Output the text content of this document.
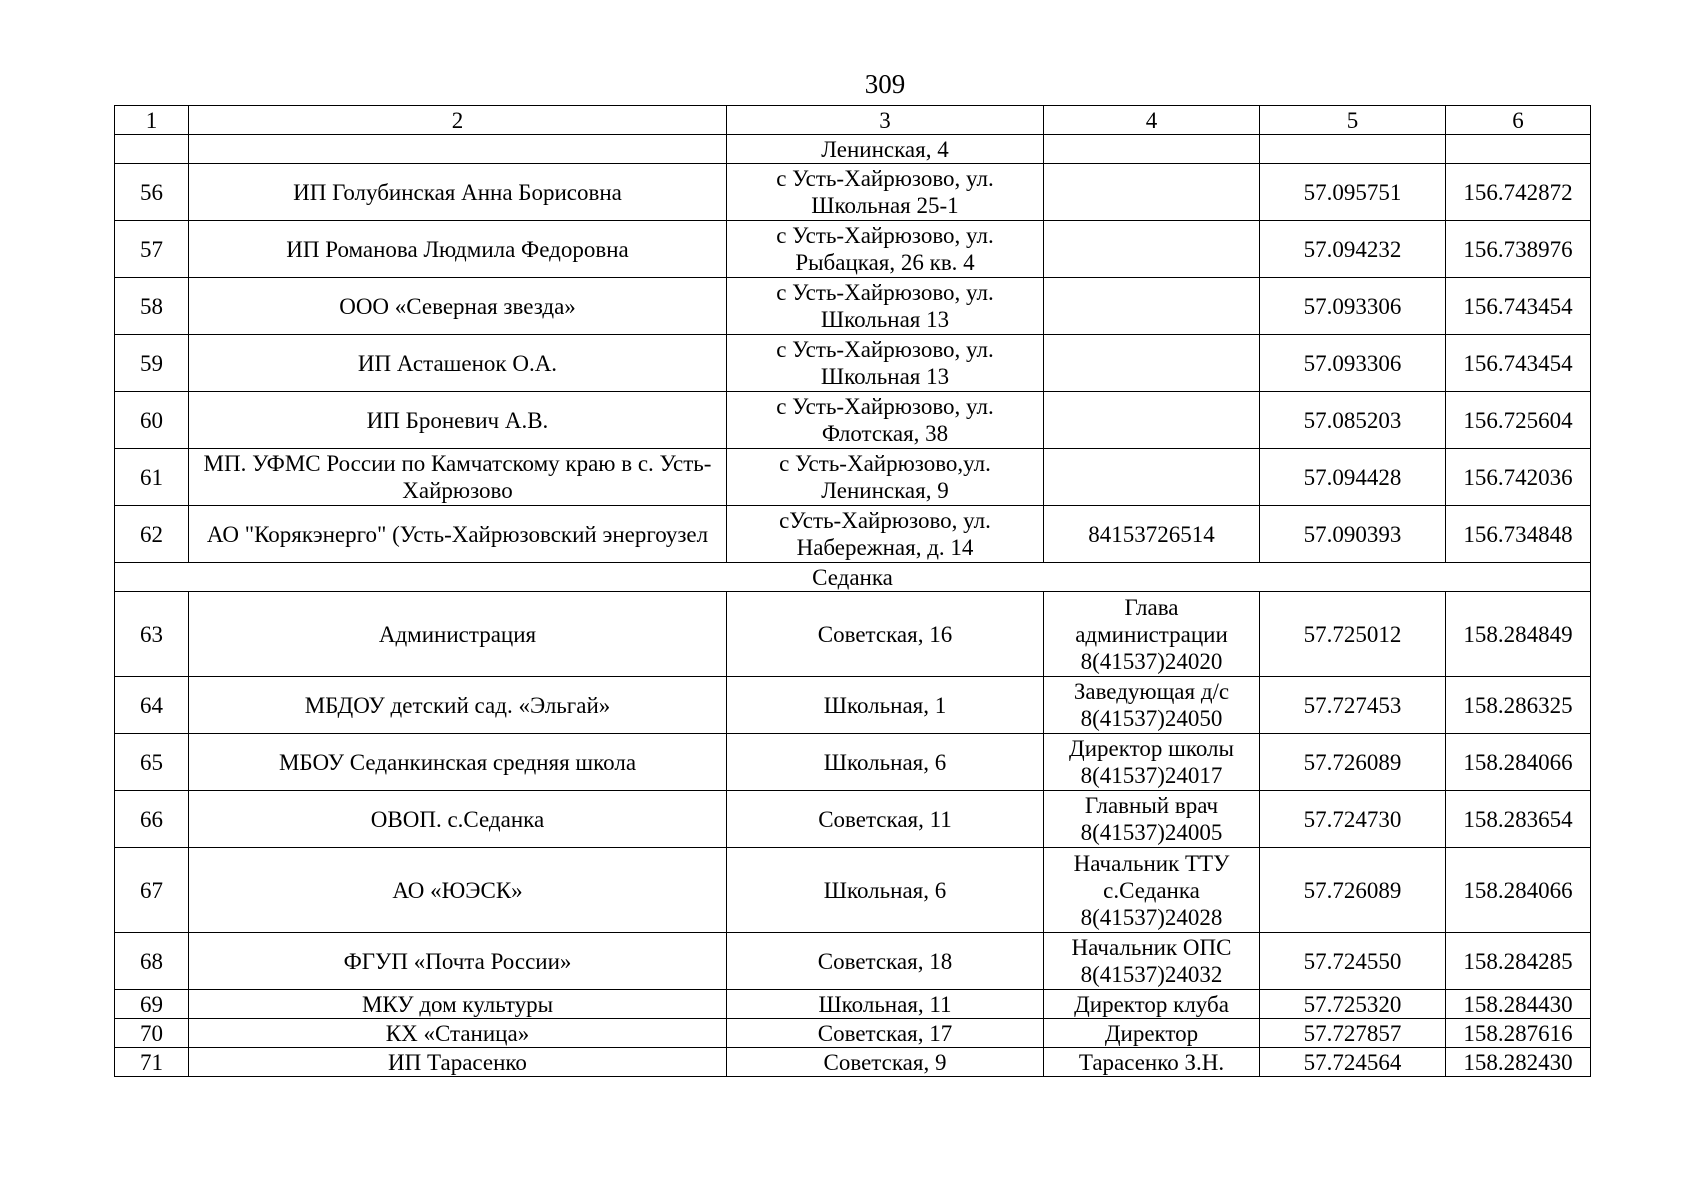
309
1	2	3	4	5	6
		Ленинская, 4			
56	ИП Голубинская Анна Борисовна	с Усть-Хайрюзово, ул. Школьная 25-1		57.095751	156.742872
57	ИП Романова Людмила Федоровна	с Усть-Хайрюзово, ул. Рыбацкая, 26 кв. 4		57.094232	156.738976
58	ООО «Северная звезда»	с Усть-Хайрюзово, ул. Школьная 13		57.093306	156.743454
59	ИП Асташенок О.А.	с Усть-Хайрюзово, ул. Школьная 13		57.093306	156.743454
60	ИП Броневич А.В.	с Усть-Хайрюзово, ул. Флотская, 38		57.085203	156.725604
61	МП. УФМС России по Камчатскому краю в с. Усть-Хайрюзово	с Усть-Хайрюзово,ул. Ленинская, 9		57.094428	156.742036
62	АО "Корякэнерго" (Усть-Хайрюзовский энергоузел	сУсть-Хайрюзово, ул. Набережная, д. 14	84153726514	57.090393	156.734848
Седанка					
63	Администрация	Советская, 16	Глава администрации 8(41537)24020	57.725012	158.284849
64	МБДОУ детский сад. «Эльгай»	Школьная, 1	Заведующая д/с 8(41537)24050	57.727453	158.286325
65	МБОУ Седанкинская средняя школа	Школьная, 6	Директор школы 8(41537)24017	57.726089	158.284066
66	ОВОП. с.Седанка	Советская, 11	Главный врач 8(41537)24005	57.724730	158.283654
67	АО «ЮЭСК»	Школьная, 6	Начальник ТТУ с.Седанка 8(41537)24028	57.726089	158.284066
68	ФГУП «Почта России»	Советская, 18	Начальник ОПС 8(41537)24032	57.724550	158.284285
69	МКУ дом культуры	Школьная, 11	Директор клуба	57.725320	158.284430
70	КХ «Станица»	Советская, 17	Директор	57.727857	158.287616
71	ИП Тарасенко	Советская, 9	Тарасенко З.Н.	57.724564	158.282430
